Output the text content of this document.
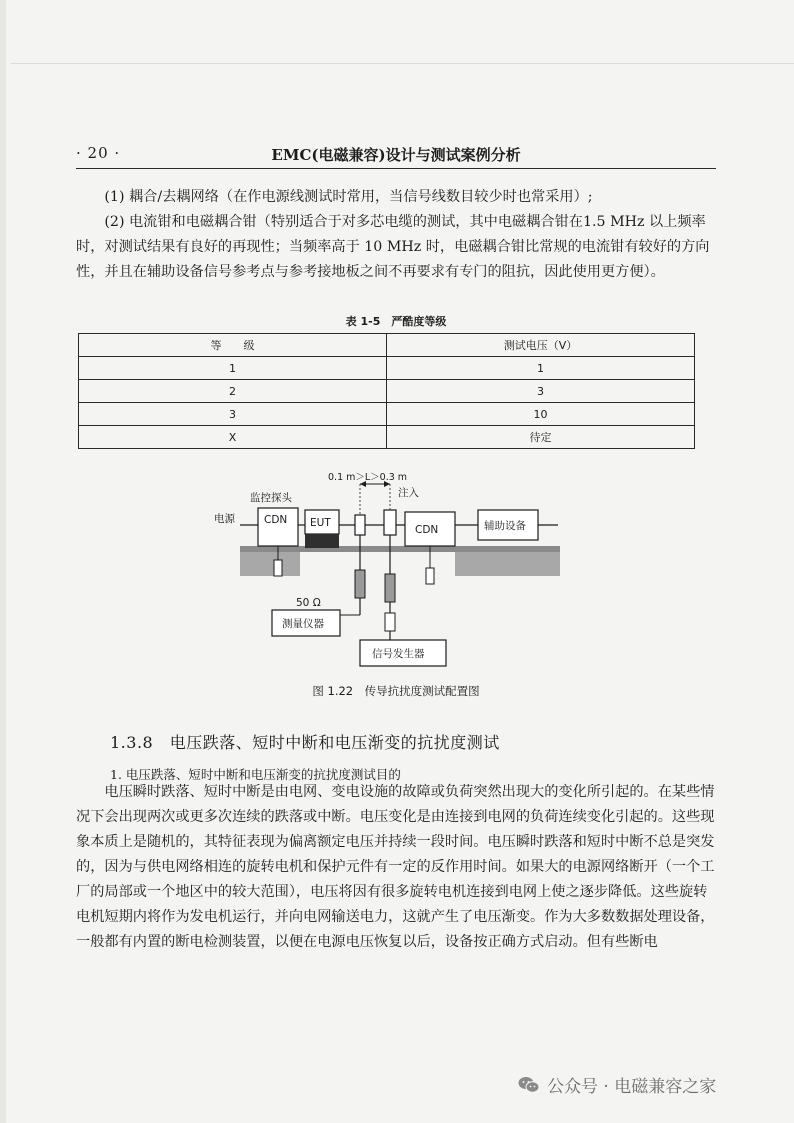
· 20 ·	EMC(电磁兼容)设计与测试案例分析

(1) 耦合/去耦网络（在作电源线测试时常用，当信号线数目较少时也常采用）;

(2) 电流钳和电磁耦合钳（特别适合于对多芯电缆的测试，其中电磁耦合钳在1.5 MHz 以上频率时，对测试结果有良好的再现性；当频率高于 10 MHz 时，电磁耦合钳比常规的电流钳有较好的方向性，并且在辅助设备信号参考点与参考接地板之间不再要求有专门的阻抗，因此使用更方便）。

表 1-5　严酷度等级
等　　级	测试电压（V）
1	1
2	3
3	10
X	待定
电源
监控探头
CDN EUT
0.1 m＞L＞0.3 m
注入
CDN	辅助设备
50 Ω
测量仪器
信号发生器
图 1.22　传导抗扰度测试配置图
1.3.8　电压跌落、短时中断和电压渐变的抗扰度测试
1. 电压跌落、短时中断和电压渐变的抗扰度测试目的

电压瞬时跌落、短时中断是由电网、变电设施的故障或负荷突然出现大的变化所引起的。在某些情况下会出现两次或更多次连续的跌落或中断。电压变化是由连接到电网的负荷连续变化引起的。这些现象本质上是随机的，其特征表现为偏离额定电压并持续一段时间。电压瞬时跌落和短时中断不总是突发的，因为与供电网络相连的旋转电机和保护元件有一定的反作用时间。如果大的电源网络断开（一个工厂的局部或一个地区中的较大范围），电压将因有很多旋转电机连接到电网上使之逐步降低。这些旋转电机短期内将作为发电机运行，并向电网输送电力，这就产生了电压渐变。作为大多数数据处理设备，一般都有内置的断电检测装置，以便在电源电压恢复以后，设备按正确方式启动。但有些断电

公众号 · 电磁兼容之家
